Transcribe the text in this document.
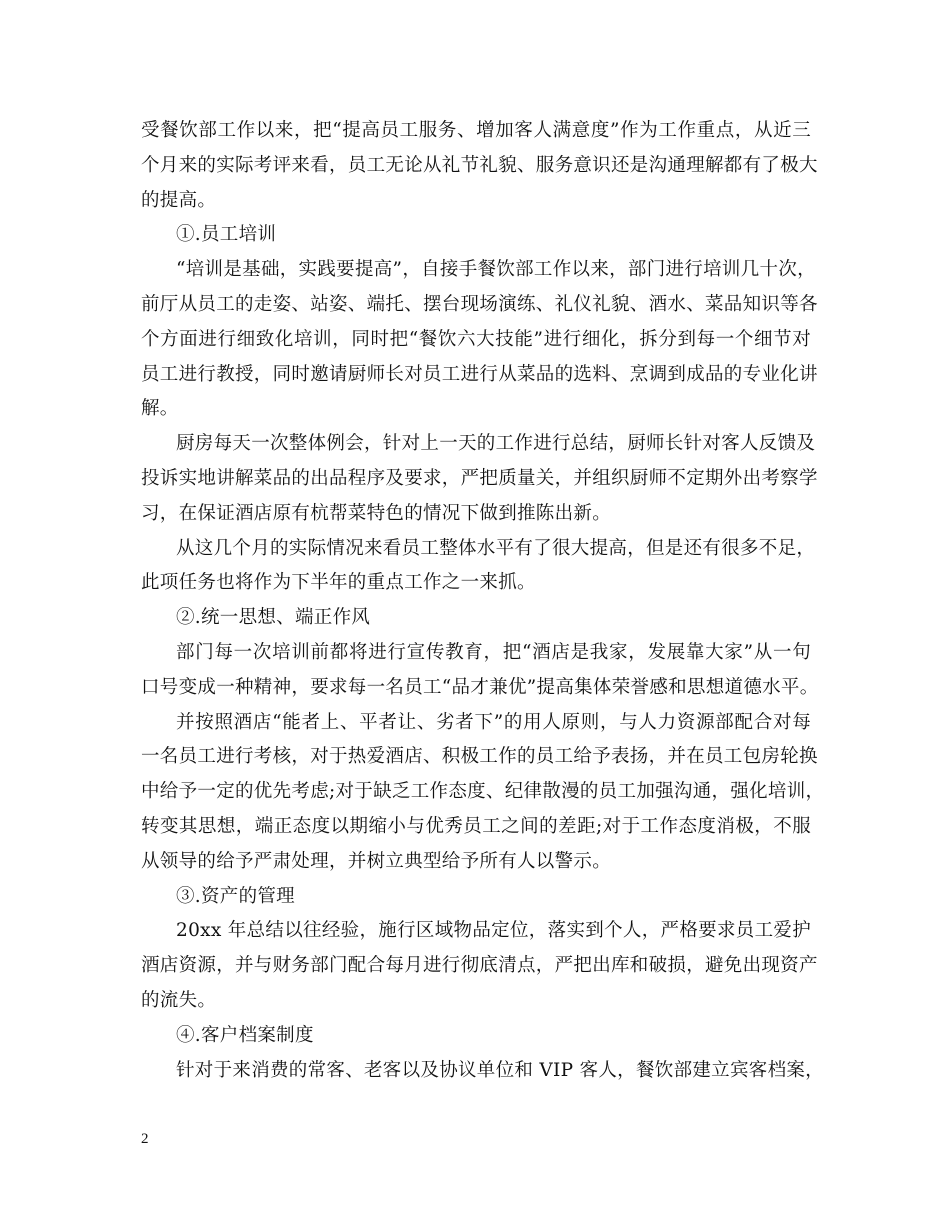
受餐饮部工作以来，把“提高员工服务、增加客人满意度”作为工作重点，从近三
个月来的实际考评来看，员工无论从礼节礼貌、服务意识还是沟通理解都有了极大
的提高。
①.员工培训
“培训是基础，实践要提高”，自接手餐饮部工作以来，部门进行培训几十次，
前厅从员工的走姿、站姿、端托、摆台现场演练、礼仪礼貌、酒水、菜品知识等各
个方面进行细致化培训，同时把“餐饮六大技能”进行细化，拆分到每一个细节对
员工进行教授，同时邀请厨师长对员工进行从菜品的选料、烹调到成品的专业化讲
解。
厨房每天一次整体例会，针对上一天的工作进行总结，厨师长针对客人反馈及
投诉实地讲解菜品的出品程序及要求，严把质量关，并组织厨师不定期外出考察学
习，在保证酒店原有杭帮菜特色的情况下做到推陈出新。
从这几个月的实际情况来看员工整体水平有了很大提高，但是还有很多不足，
此项任务也将作为下半年的重点工作之一来抓。
②.统一思想、端正作风
部门每一次培训前都将进行宣传教育，把“酒店是我家，发展靠大家”从一句
口号变成一种精神，要求每一名员工“品才兼优”提高集体荣誉感和思想道德水平。
并按照酒店“能者上、平者让、劣者下”的用人原则，与人力资源部配合对每
一名员工进行考核，对于热爱酒店、积极工作的员工给予表扬，并在员工包房轮换
中给予一定的优先考虑;对于缺乏工作态度、纪律散漫的员工加强沟通，强化培训，
转变其思想，端正态度以期缩小与优秀员工之间的差距;对于工作态度消极，不服
从领导的给予严肃处理，并树立典型给予所有人以警示。
③.资产的管理
20xx 年总结以往经验，施行区域物品定位，落实到个人，严格要求员工爱护
酒店资源，并与财务部门配合每月进行彻底清点，严把出库和破损，避免出现资产
的流失。
④.客户档案制度
针对于来消费的常客、老客以及协议单位和 VIP 客人，餐饮部建立宾客档案，
2
